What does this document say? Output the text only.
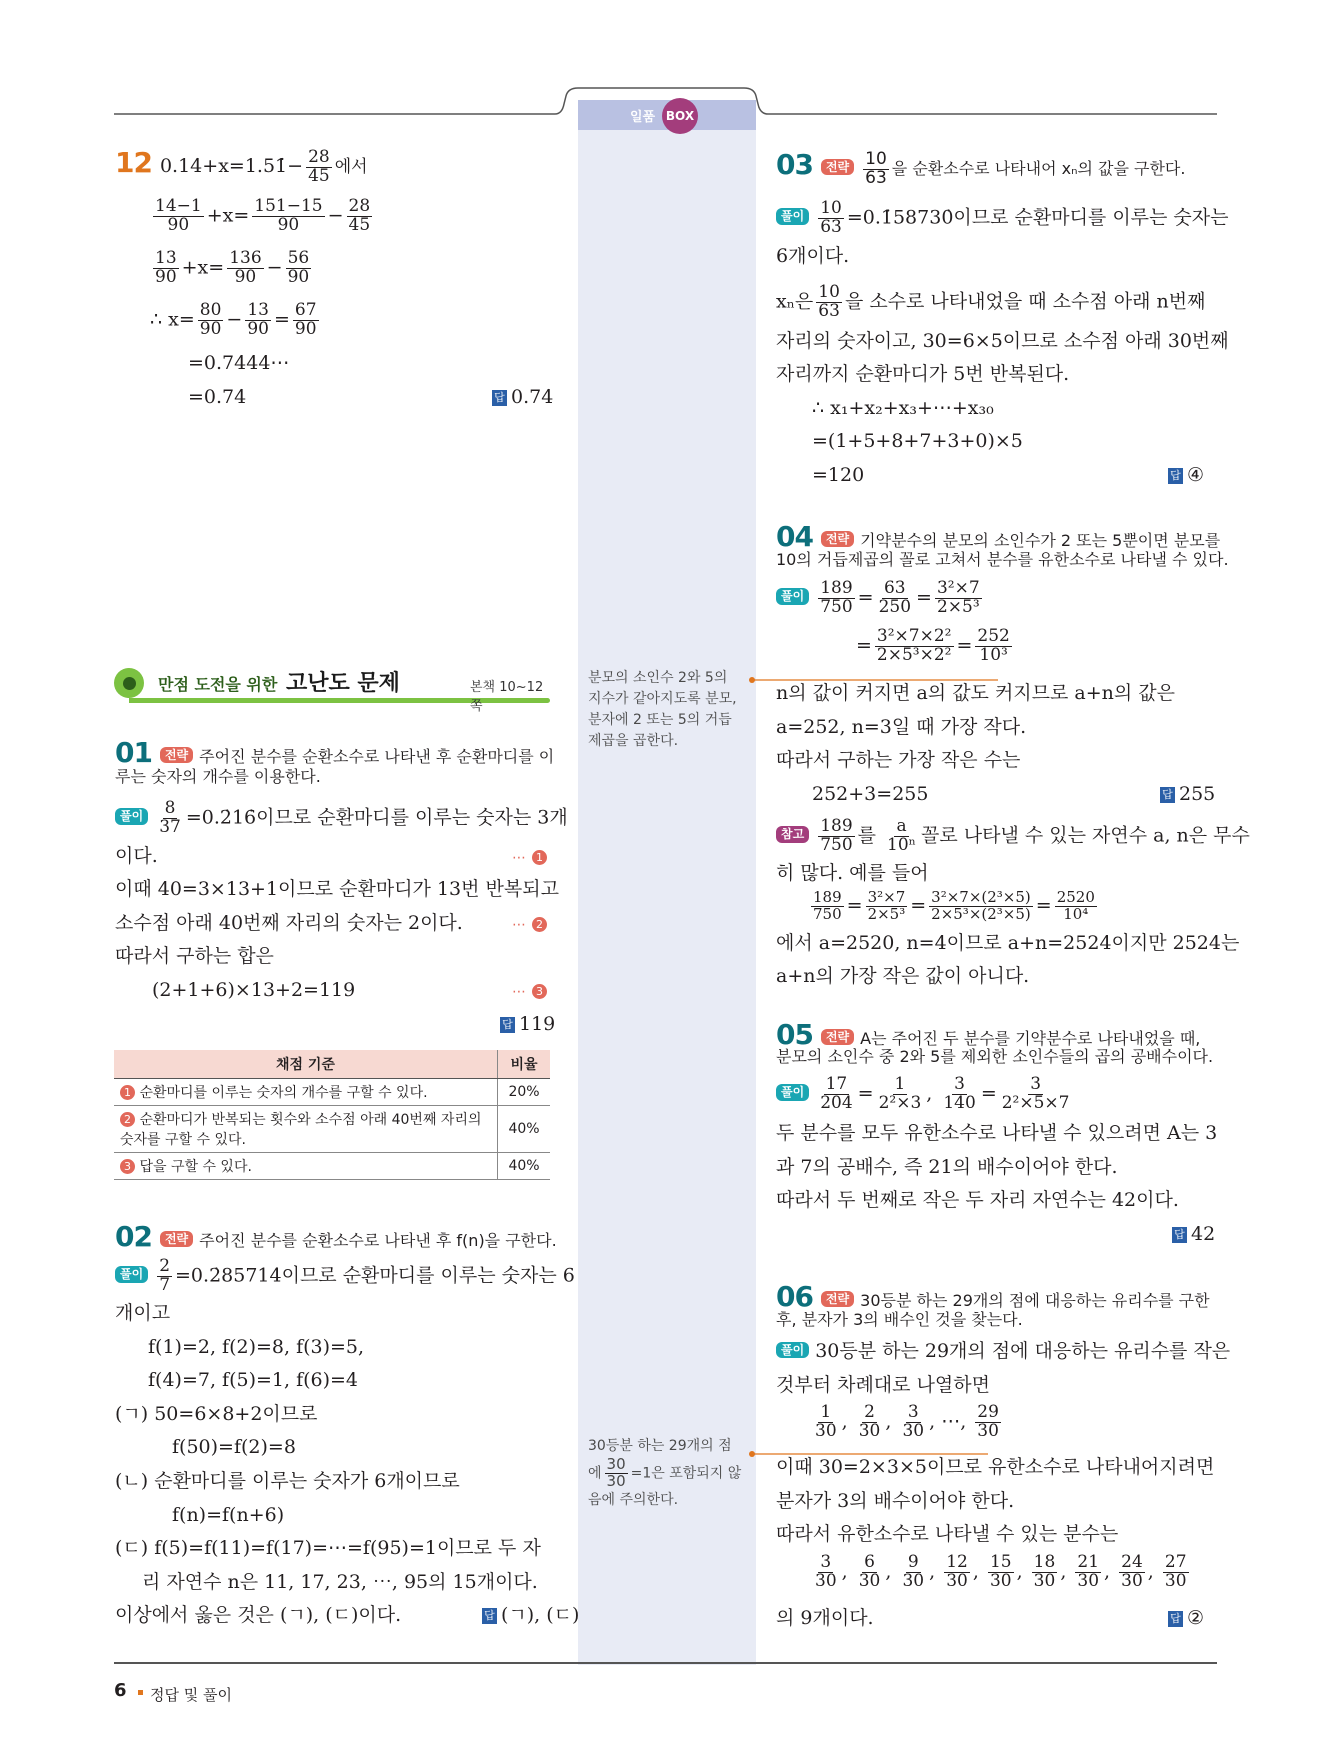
일품 BOX
12 0.14̇+x=1.51̇− $\frac{28}{45}$ 에서
$\frac{14-1}{90} +x= \frac{151-15}{90} - \frac{28}{45}$
$\frac{13}{90} +x= \frac{136}{90} - \frac{56}{90}$
∴ $x= \frac{80}{90} - \frac{13}{90} = \frac{67}{90}$
=0.7444⋯
=0.74̇	답 0.74̇
만점 도전을 위한 고난도 문제	본책 10~12쪽
01 전략 주어진 분수를 순환소수로 나타낸 후 순환마디를 이
루는 숫자의 개수를 이용한다.
풀이 $\frac{8}{37}$ =0.2̇16̇이므로 순환마디를 이루는 숫자는 3개
이다.	⋯ 1
이때 40=3×13+1이므로 순환마디가 13번 반복되고
소수점 아래 40번째 자리의 숫자는 2이다.	⋯ 2
따라서 구하는 합은
(2+1+6)×13+2=119	⋯ 3
답 119
채점 기준	비율
1 순환마디를 이루는 숫자의 개수를 구할 수 있다.	20%
2 순환마디가 반복되는 횟수와 소수점 아래 40번째 자리의 숫자를 구할 수 있다.	40%
3 답을 구할 수 있다.	40%
02 전략 주어진 분수를 순환소수로 나타낸 후 f(n)을 구한다.
풀이 $\frac{2}{7}$ =0.2̇85714̇이므로 순환마디를 이루는 숫자는 6
개이고
f(1)=2, f(2)=8, f(3)=5,
f(4)=7, f(5)=1, f(6)=4
(ㄱ) 50=6×8+2이므로
f(50)=f(2)=8
(ㄴ) 순환마디를 이루는 숫자가 6개이므로
f(n)=f(n+6)
(ㄷ) f(5)=f(11)=f(17)=⋯=f(95)=1이므로 두 자
리 자연수 n은 11, 17, 23, ⋯, 95의 15개이다.
이상에서 옳은 것은 (ㄱ), (ㄷ)이다.	답 (ㄱ), (ㄷ)
분모의 소인수 2와 5의
지수가 같아지도록 분모,
분자에 2 또는 5의 거듭
제곱을 곱한다.
30등분 하는 29개의 점
에 $\frac{30}{30} =1$은 포함되지 않
음에 주의한다.
03 전략 $\frac{10}{63}$ 을 순환소수로 나타내어 xₙ의 값을 구한다.
풀이 $\frac{10}{63}$ =0.1̇58730̇이므로 순환마디를 이루는 숫자는
6개이다.
xₙ은 $\frac{10}{63}$ 을 소수로 나타내었을 때 소수점 아래 n번째
자리의 숫자이고, 30=6×5이므로 소수점 아래 30번째
자리까지 순환마디가 5번 반복된다.
∴ x₁+x₂+x₃+⋯+x₃₀
=(1+5+8+7+3+0)×5
=120	답 ④
04 전략 기약분수의 분모의 소인수가 2 또는 5뿐이면 분모를
10의 거듭제곱의 꼴로 고쳐서 분수를 유한소수로 나타낼 수 있다.
풀이 $\frac{189}{750} = \frac{63}{250} = \frac{\text{3²×7}}{\text{2×5³}}$
= $\frac{\text{3²×7×2²}}{\text{2×5³×2²}} = \frac{252}{\text{10³}}$
n의 값이 커지면 a의 값도 커지므로 a+n의 값은
a=252, n=3일 때 가장 작다.
따라서 구하는 가장 작은 수는
252+3=255	답 255
참고 $\frac{189}{750}$ 를 $\frac{a}{\text{10ⁿ}}$ 꼴로 나타낼 수 있는 자연수 a, n은 무수
히 많다. 예를 들어
$\frac{189}{750} = \frac{\text{3²×7}}{\text{2×5³}} = \frac{\text{3²×7×(2³×5)}}{\text{2×5³×(2³×5)}} = \frac{2520}{\text{10⁴}}$
에서 a=2520, n=4이므로 a+n=2524이지만 2524는
a+n의 가장 작은 값이 아니다.
05 전략 A는 주어진 두 분수를 기약분수로 나타내었을 때,
분모의 소인수 중 2와 5를 제외한 소인수들의 곱의 공배수이다.
풀이 $\frac{17}{204} = \frac{1}{\text{2²×3}}$ , $\frac{3}{140} = \frac{3}{\text{2²×5×7}}$
두 분수를 모두 유한소수로 나타낼 수 있으려면 A는 3
과 7의 공배수, 즉 21의 배수이어야 한다.
따라서 두 번째로 작은 두 자리 자연수는 42이다.
답 42
06 전략 30등분 하는 29개의 점에 대응하는 유리수를 구한
후, 분자가 3의 배수인 것을 찾는다.
풀이 30등분 하는 29개의 점에 대응하는 유리수를 작은
것부터 차례대로 나열하면
$\frac{1}{30}$ , $\frac{2}{30}$ , $\frac{3}{30}$ , ⋯, $\frac{29}{30}$
이때 30=2×3×5이므로 유한소수로 나타내어지려면
분자가 3의 배수이어야 한다.
따라서 유한소수로 나타낼 수 있는 분수는
$\frac{3}{30}$ , $\frac{6}{30}$ , $\frac{9}{30}$ , $\frac{12}{30}$ , $\frac{15}{30}$ , $\frac{18}{30}$ , $\frac{21}{30}$ , $\frac{24}{30}$ , $\frac{27}{30}$
의 9개이다.	답 ②
6 정답 및 풀이
